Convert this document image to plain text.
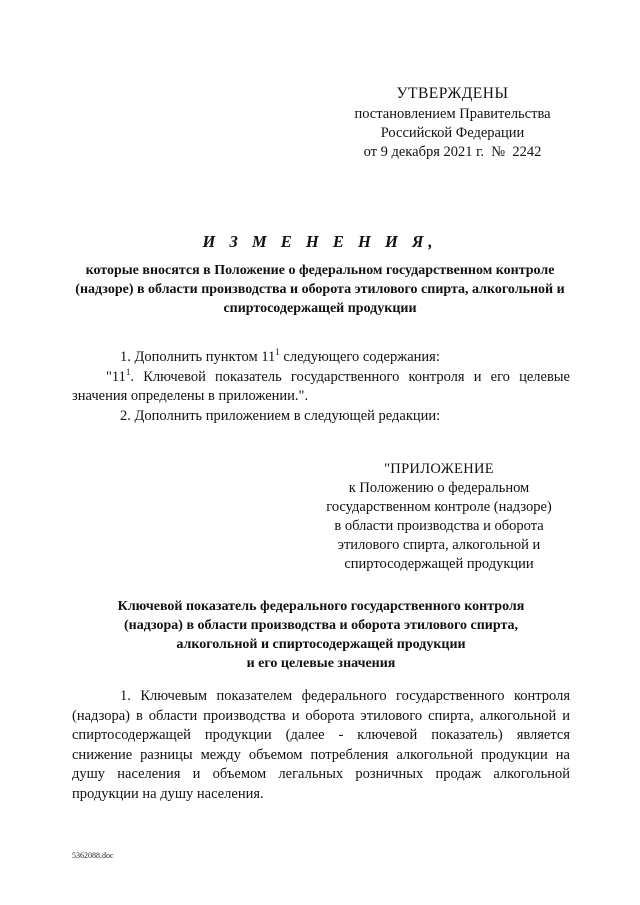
УТВЕРЖДЕНЫ
постановлением Правительства
Российской Федерации
от 9 декабря 2021 г.  №  2242
И З М Е Н Е Н И Я,
которые вносятся в Положение о федеральном государственном контроле (надзоре) в области производства и оборота этилового спирта, алкогольной и спиртосодержащей продукции

1. Дополнить пунктом $11^1$ следующего содержания:

"$11^1$. Ключевой показатель государственного контроля и его целевые значения определены в приложении.".

2. Дополнить приложением в следующей редакции:

"ПРИЛОЖЕНИЕ
к Положению о федеральном
государственном контроле (надзоре)
в области производства и оборота
этилового спирта, алкогольной и
спиртосодержащей продукции
Ключевой показатель федерального государственного контроля
(надзора) в области производства и оборота этилового спирта,
алкогольной и спиртосодержащей продукции
и его целевые значения
1. Ключевым показателем федерального государственного контроля (надзора) в области производства и оборота этилового спирта, алкогольной и спиртосодержащей продукции (далее - ключевой показатель) является снижение разницы между объемом потребления алкогольной продукции на душу населения и объемом легальных розничных продаж алкогольной продукции на душу населения.
5362088.doc
